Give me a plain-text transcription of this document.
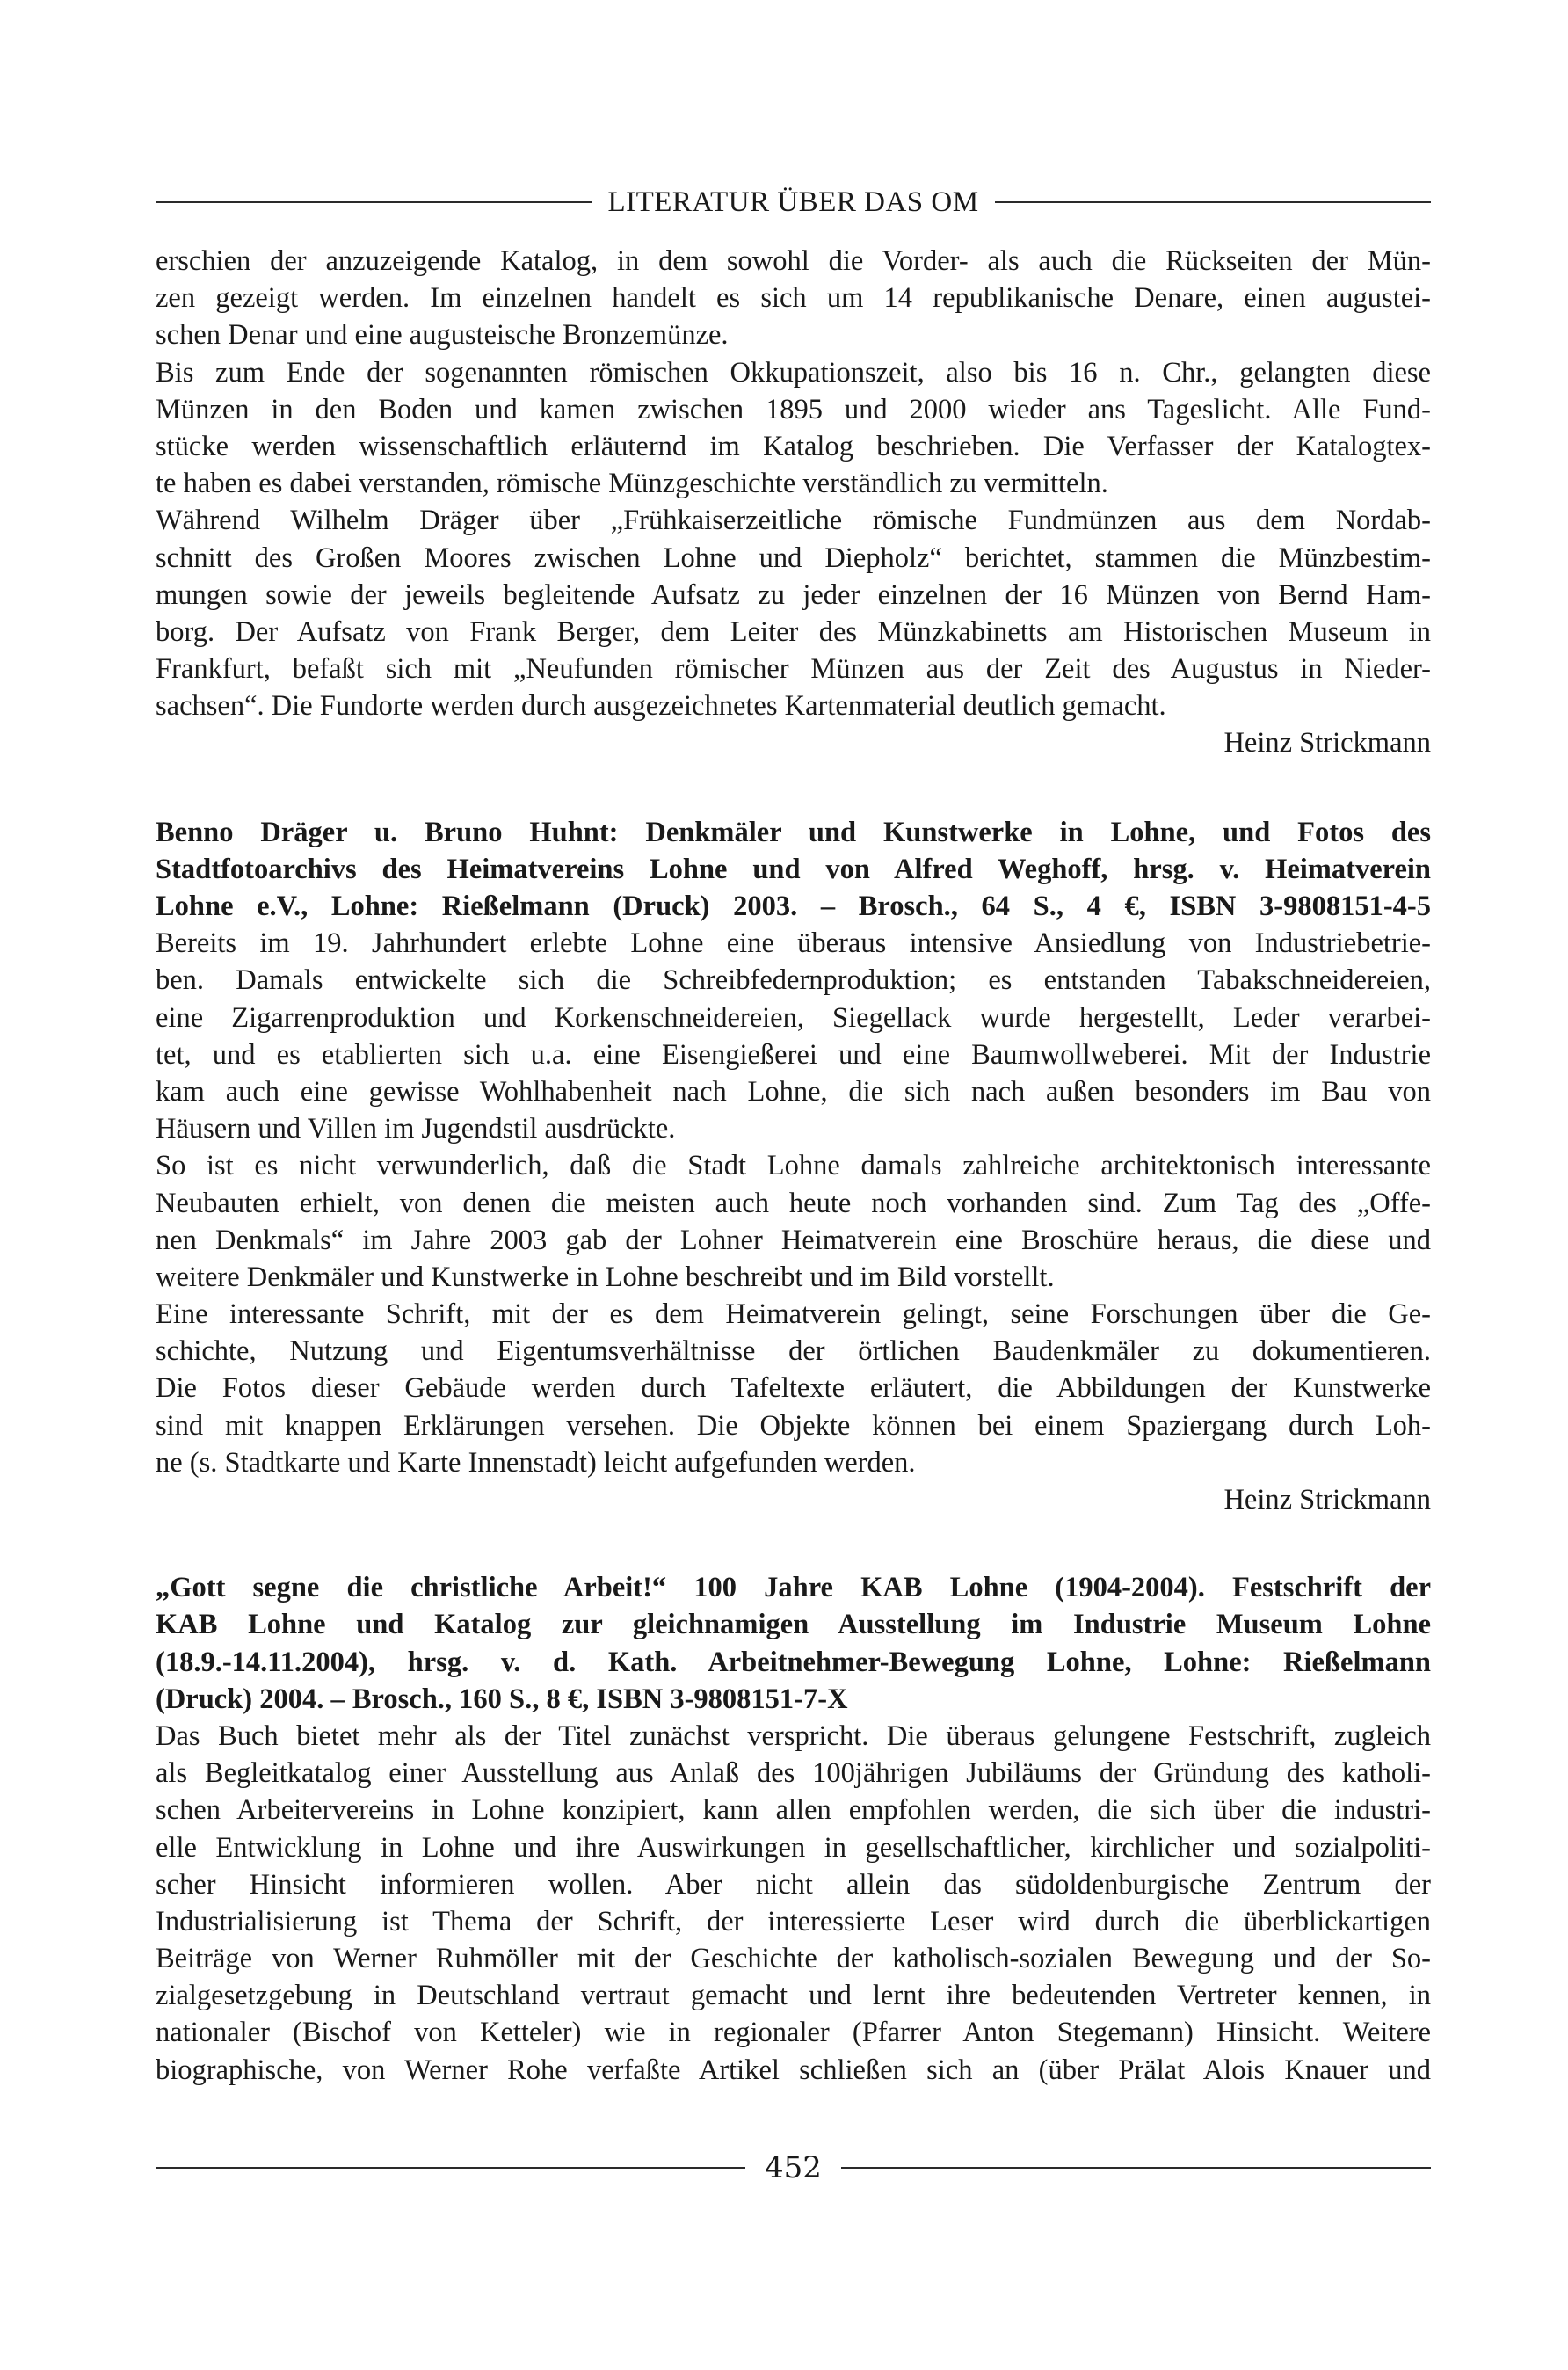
LITERATUR ÜBER DAS OM

erschien der anzuzeigende Katalog, in dem sowohl die Vorder- als auch die Rückseiten der Mün-
zen gezeigt werden. Im einzelnen handelt es sich um 14 republikanische Denare, einen augustei-
schen Denar und eine augusteische Bronzemünze.

Bis zum Ende der sogenannten römischen Okkupationszeit, also bis 16 n. Chr., gelangten diese
Münzen in den Boden und kamen zwischen 1895 und 2000 wieder ans Tageslicht. Alle Fund-
stücke werden wissenschaftlich erläuternd im Katalog beschrieben. Die Verfasser der Katalogtex-
te haben es dabei verstanden, römische Münzgeschichte verständlich zu vermitteln.

Während Wilhelm Dräger über „Frühkaiserzeitliche römische Fundmünzen aus dem Nordab-
schnitt des Großen Moores zwischen Lohne und Diepholz“ berichtet, stammen die Münzbestim-
mungen sowie der jeweils begleitende Aufsatz zu jeder einzelnen der 16 Münzen von Bernd Ham-
borg. Der Aufsatz von Frank Berger, dem Leiter des Münzkabinetts am Historischen Museum in
Frankfurt, befaßt sich mit „Neufunden römischer Münzen aus der Zeit des Augustus in Nieder-
sachsen“. Die Fundorte werden durch ausgezeichnetes Kartenmaterial deutlich gemacht.

Heinz Strickmann

Benno Dräger u. Bruno Huhnt: Denkmäler und Kunstwerke in Lohne, und Fotos des
Stadtfotoarchivs des Heimatvereins Lohne und von Alfred Weghoff, hrsg. v. Heimatverein
Lohne e.V., Lohne: Rießelmann (Druck) 2003. – Brosch., 64 S., 4 €, ISBN 3-9808151-4-5

Bereits im 19. Jahrhundert erlebte Lohne eine überaus intensive Ansiedlung von Industriebetrie-
ben. Damals entwickelte sich die Schreibfedernproduktion; es entstanden Tabakschneidereien,
eine Zigarrenproduktion und Korkenschneidereien, Siegellack wurde hergestellt, Leder verarbei-
tet, und es etablierten sich u.a. eine Eisengießerei und eine Baumwollweberei. Mit der Industrie
kam auch eine gewisse Wohlhabenheit nach Lohne, die sich nach außen besonders im Bau von
Häusern und Villen im Jugendstil ausdrückte.

So ist es nicht verwunderlich, daß die Stadt Lohne damals zahlreiche architektonisch interessante
Neubauten erhielt, von denen die meisten auch heute noch vorhanden sind. Zum Tag des „Offe-
nen Denkmals“ im Jahre 2003 gab der Lohner Heimatverein eine Broschüre heraus, die diese und
weitere Denkmäler und Kunstwerke in Lohne beschreibt und im Bild vorstellt.

Eine interessante Schrift, mit der es dem Heimatverein gelingt, seine Forschungen über die Ge-
schichte, Nutzung und Eigentumsverhältnisse der örtlichen Baudenkmäler zu dokumentieren.
Die Fotos dieser Gebäude werden durch Tafeltexte erläutert, die Abbildungen der Kunstwerke
sind mit knappen Erklärungen versehen. Die Objekte können bei einem Spaziergang durch Loh-
ne (s. Stadtkarte und Karte Innenstadt) leicht aufgefunden werden.

Heinz Strickmann

„Gott segne die christliche Arbeit!“ 100 Jahre KAB Lohne (1904-2004). Festschrift der
KAB Lohne und Katalog zur gleichnamigen Ausstellung im Industrie Museum Lohne
(18.9.-14.11.2004), hrsg. v. d. Kath. Arbeitnehmer-Bewegung Lohne, Lohne: Rießelmann
(Druck) 2004. – Brosch., 160 S., 8 €, ISBN 3-9808151-7-X

Das Buch bietet mehr als der Titel zunächst verspricht. Die überaus gelungene Festschrift, zugleich
als Begleitkatalog einer Ausstellung aus Anlaß des 100jährigen Jubiläums der Gründung des katholi-
schen Arbeitervereins in Lohne konzipiert, kann allen empfohlen werden, die sich über die industri-
elle Entwicklung in Lohne und ihre Auswirkungen in gesellschaftlicher, kirchlicher und sozialpoliti-
scher Hinsicht informieren wollen. Aber nicht allein das südoldenburgische Zentrum der
Industrialisierung ist Thema der Schrift, der interessierte Leser wird durch die überblickartigen
Beiträge von Werner Ruhmöller mit der Geschichte der katholisch-sozialen Bewegung und der So-
zialgesetzgebung in Deutschland vertraut gemacht und lernt ihre bedeutenden Vertreter kennen, in
nationaler (Bischof von Ketteler) wie in regionaler (Pfarrer Anton Stegemann) Hinsicht. Weitere
biographische, von Werner Rohe verfaßte Artikel schließen sich an (über Prälat Alois Knauer und

452
